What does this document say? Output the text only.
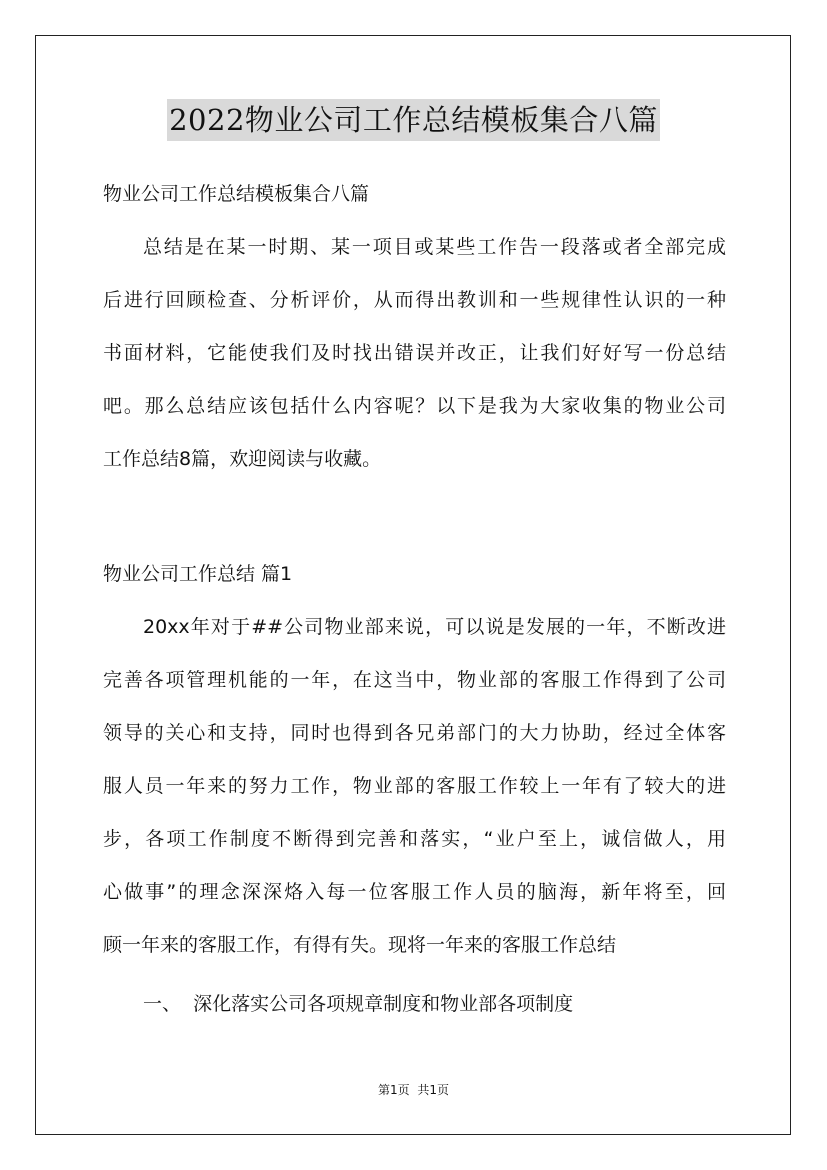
2022物业公司工作总结模板集合八篇
物业公司工作总结模板集合八篇
总结是在某一时期、某一项目或某些工作告一段落或者全部完成
后进行回顾检查、分析评价，从而得出教训和一些规律性认识的一种
书面材料，它能使我们及时找出错误并改正，让我们好好写一份总结
吧。那么总结应该包括什么内容呢？以下是我为大家收集的物业公司
工作总结8篇，欢迎阅读与收藏。
物业公司工作总结 篇1
20xx年对于##公司物业部来说，可以说是发展的一年，不断改进
完善各项管理机能的一年，在这当中，物业部的客服工作得到了公司
领导的关心和支持，同时也得到各兄弟部门的大力协助，经过全体客
服人员一年来的努力工作，物业部的客服工作较上一年有了较大的进
步，各项工作制度不断得到完善和落实，“业户至上，诚信做人，用
心做事”的理念深深烙入每一位客服工作人员的脑海，新年将至，回
顾一年来的客服工作，有得有失。现将一年来的客服工作总结
一、  深化落实公司各项规章制度和物业部各项制度
第1页 共1页
